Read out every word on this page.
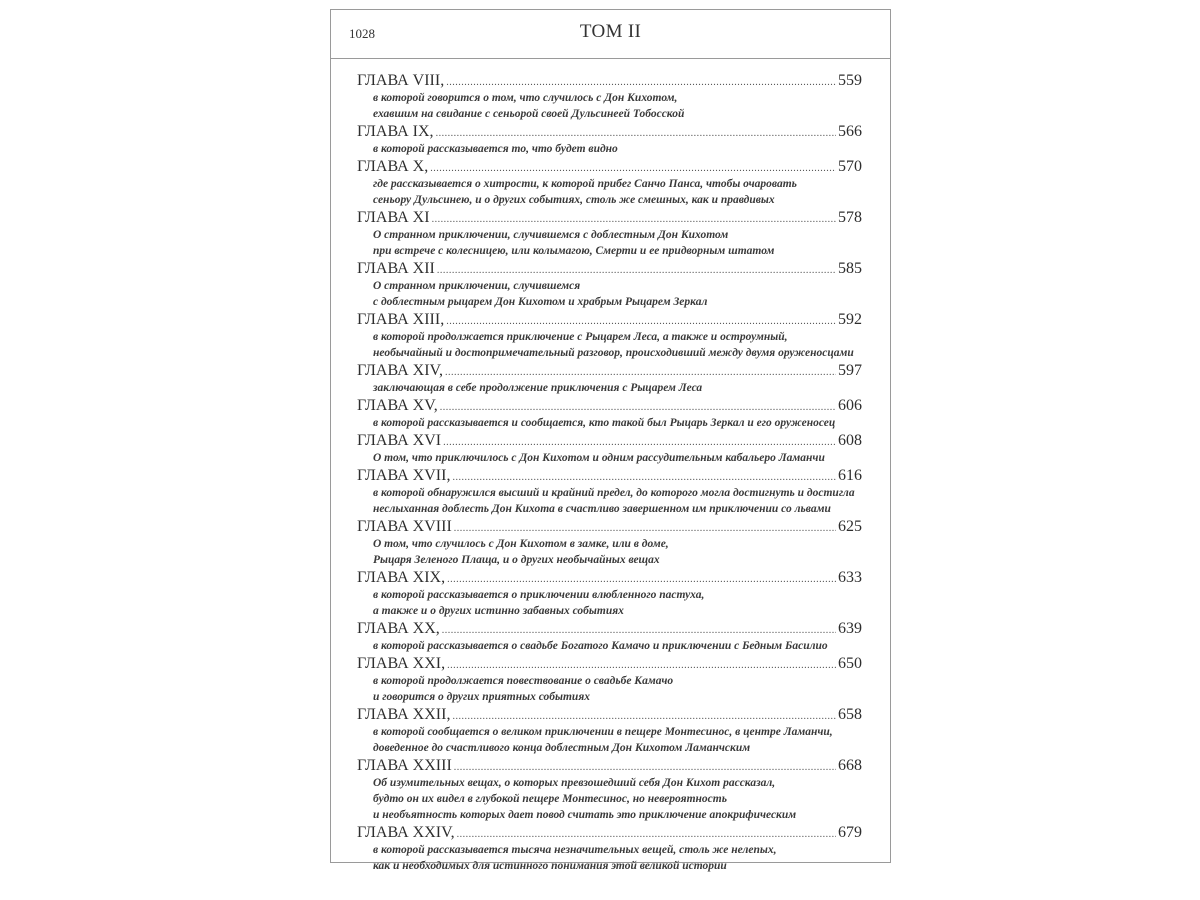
1028	ТОМ II
ГЛАВА VIII, .....	559
в которой говорится о том, что случилось с Дон Кихотом,
ехавшим на свидание с сеньорой своей Дульсинеей Тобосской
ГЛАВА IX, .....	566
в которой рассказывается то, что будет видно
ГЛАВА X, .....	570
где рассказывается о хитрости, к которой прибег Санчо Панса, чтобы очаровать
сеньору Дульсинею, и о других событиях, столь же смешных, как и правдивых
ГЛАВА XI .....	578
О странном приключении, случившемся с доблестным Дон Кихотом
при встрече с колесницею, или колымагою, Смерти и ее придворным штатом
ГЛАВА XII .....	585
О странном приключении, случившемся
с доблестным рыцарем Дон Кихотом и храбрым Рыцарем Зеркал
ГЛАВА XIII, .....	592
в которой продолжается приключение с Рыцарем Леса, а также и остроумный,
необычайный и достопримечательный разговор, происходивший между двумя оруженосцами
ГЛАВА XIV, .....	597
заключающая в себе продолжение приключения с Рыцарем Леса
ГЛАВА XV, .....	606
в которой рассказывается и сообщается, кто такой был Рыцарь Зеркал и его оруженосец
ГЛАВА XVI .....	608
О том, что приключилось с Дон Кихотом и одним рассудительным кабальеро Ламанчи
ГЛАВА XVII, .....	616
в которой обнаружился высший и крайний предел, до которого могла достигнуть и достигла
неслыханная доблесть Дон Кихота в счастливо завершенном им приключении со львами
ГЛАВА XVIII .....	625
О том, что случилось с Дон Кихотом в замке, или в доме,
Рыцаря Зеленого Плаща, и о других необычайных вещах
ГЛАВА XIX, .....	633
в которой рассказывается о приключении влюбленного пастуха,
а также и о других истинно забавных событиях
ГЛАВА XX, .....	639
в которой рассказывается о свадьбе Богатого Камачо и приключении с Бедным Басилио
ГЛАВА XXI, .....	650
в которой продолжается повествование о свадьбе Камачо
и говорится о других приятных событиях
ГЛАВА XXII, .....	658
в которой сообщается о великом приключении в пещере Монтесинос, в центре Ламанчи,
доведенное до счастливого конца доблестным Дон Кихотом Ламанчским
ГЛАВА XXIII .....	668
Об изумительных вещах, о которых превзошедший себя Дон Кихот рассказал,
будто он их видел в глубокой пещере Монтесинос, но невероятность
и необъятность которых дает повод считать это приключение апокрифическим
ГЛАВА XXIV, .....	679
в которой рассказывается тысяча незначительных вещей, столь же нелепых,
как и необходимых для истинного понимания этой великой истории
